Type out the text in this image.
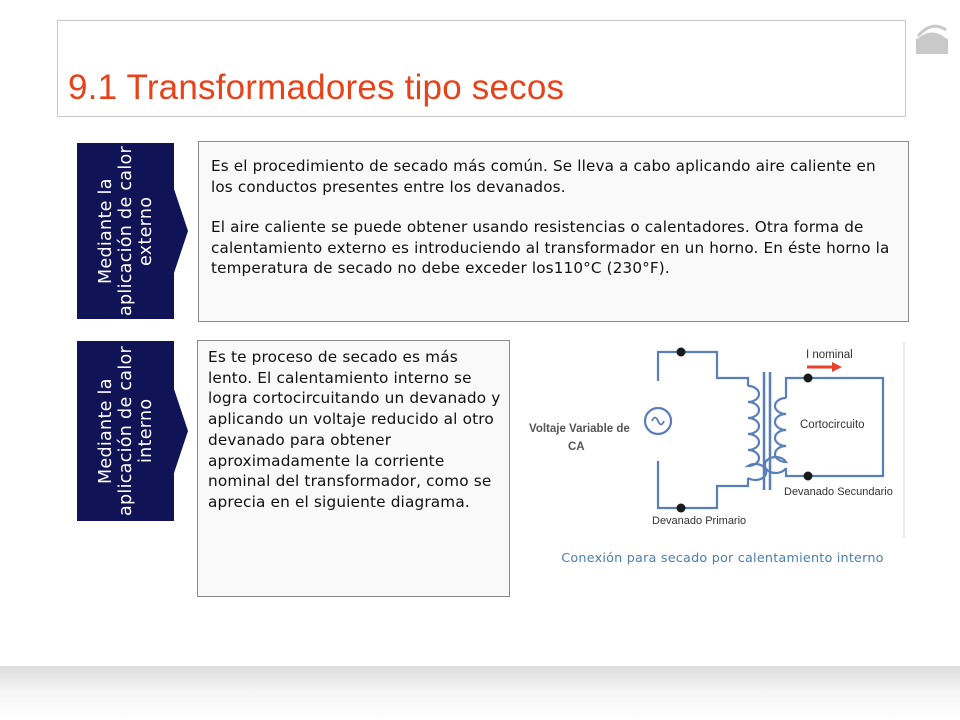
9.1 Transformadores tipo secos
Mediante la aplicación de calor externo

Es el procedimiento de secado más común. Se lleva a cabo aplicando aire caliente en los conductos presentes entre los devanados.

El aire caliente se puede obtener usando resistencias o calentadores. Otra forma de calentamiento externo es introduciendo al transformador en un horno. En éste horno la temperatura de secado no debe exceder los110°C (230°F).

Mediante la aplicación de calor interno

Es te proceso de secado es más lento. El calentamiento interno se logra cortocircuitando un devanado y aplicando un voltaje reducido al otro devanado para obtener aproximadamente la corriente nominal del transformador, como se aprecia en el siguiente diagrama.

I nominal
Voltaje Variable de
CA
Cortocircuito
Devanado Secundario
Devanado Primario
Conexión para secado por calentamiento interno
